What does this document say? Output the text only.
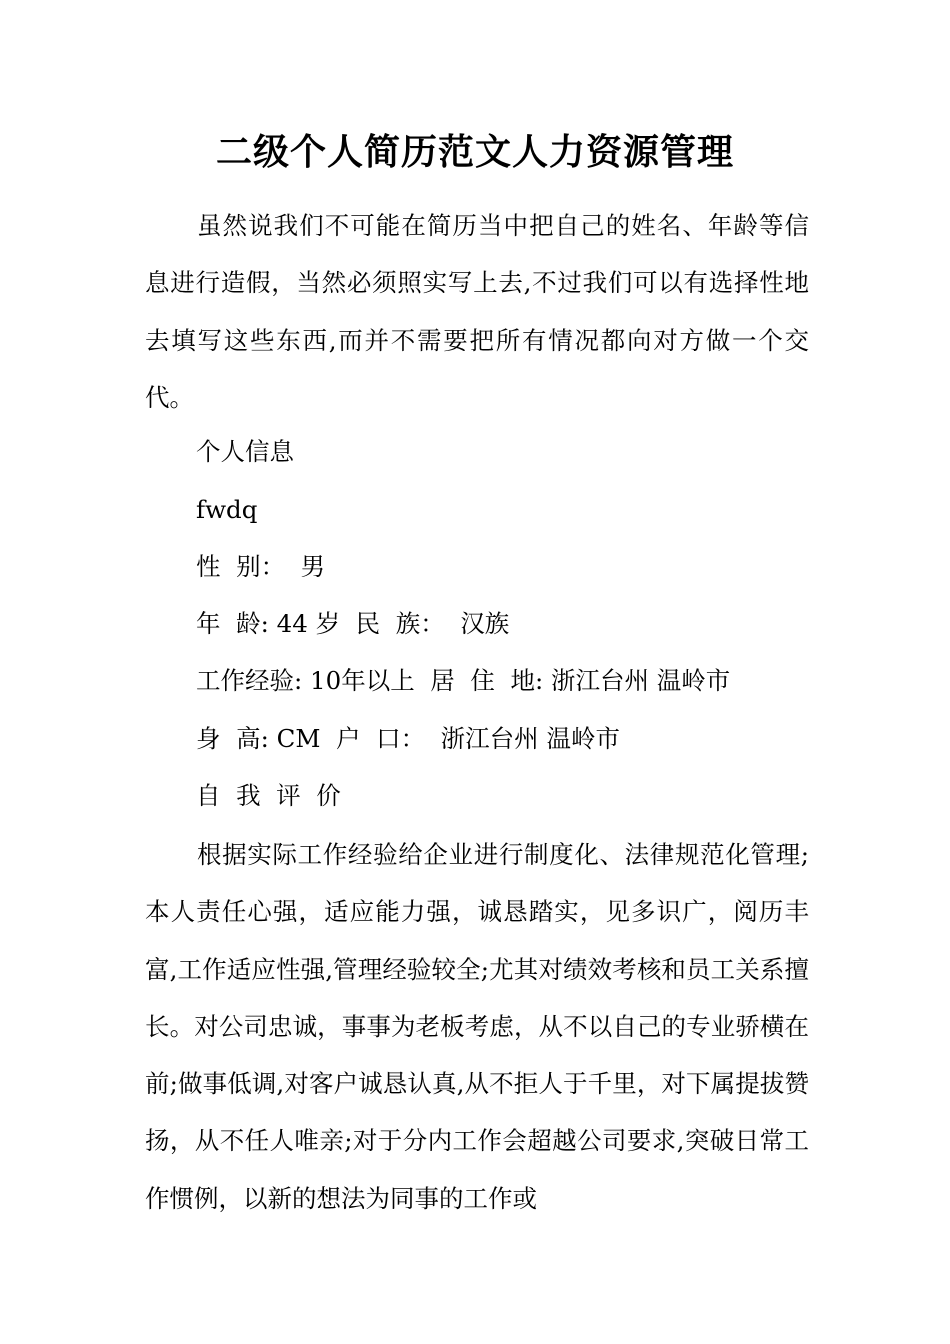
二级个人简历范文人力资源管理

虽然说我们不可能在简历当中把自己的姓名、年龄等信息进行造假，当然必须照实写上去,不过我们可以有选择性地去填写这些东西,而并不需要把所有情况都向对方做一个交代。

个人信息
fwdq
性  别：  男
年  龄: 44 岁  民  族：  汉族
工作经验: 10年以上  居  住  地: 浙江台州 温岭市
身  高: CM  户  口：  浙江台州 温岭市
自  我  评  价

根据实际工作经验给企业进行制度化、法律规范化管理;本人责任心强，适应能力强，诚恳踏实，见多识广，阅历丰富,工作适应性强,管理经验较全;尤其对绩效考核和员工关系擅长。对公司忠诚，事事为老板考虑，从不以自己的专业骄横在前;做事低调,对客户诚恳认真,从不拒人于千里，对下属提拔赞扬，从不任人唯亲;对于分内工作会超越公司要求,突破日常工作惯例，以新的想法为同事的工作或
